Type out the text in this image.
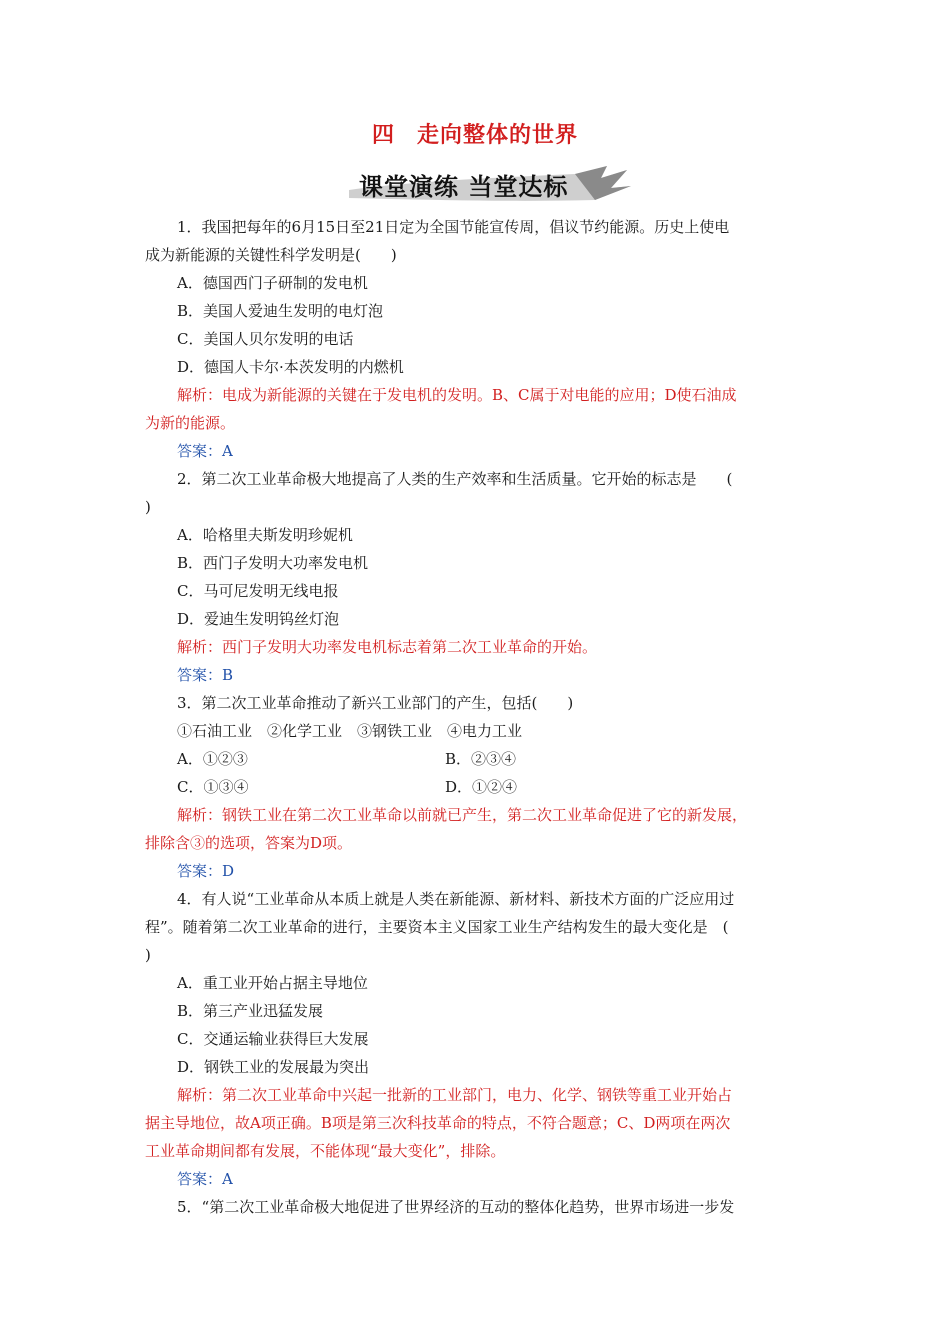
四 走向整体的世界
课堂演练 当堂达标
1．我国把每年的6月15日至21日定为全国节能宣传周，倡议节约能源。历史上使电
成为新能源的关键性科学发明是(　　)
A．德国西门子研制的发电机
B．美国人爱迪生发明的电灯泡
C．美国人贝尔发明的电话
D．德国人卡尔·本茨发明的内燃机
解析：电成为新能源的关键在于发电机的发明。B、C属于对电能的应用；D使石油成
为新的能源。
答案：A
2．第二次工业革命极大地提高了人类的生产效率和生活质量。它开始的标志是　　(
)
A．哈格里夫斯发明珍妮机
B．西门子发明大功率发电机
C．马可尼发明无线电报
D．爱迪生发明钨丝灯泡
解析：西门子发明大功率发电机标志着第二次工业革命的开始。
答案：B
3．第二次工业革命推动了新兴工业部门的产生，包括(　　)
①石油工业　②化学工业　③钢铁工业　④电力工业
A．①②③	B．②③④
C．①③④	D．①②④
解析：钢铁工业在第二次工业革命以前就已产生，第二次工业革命促进了它的新发展，
排除含③的选项，答案为D项。
答案：D
4．有人说“工业革命从本质上就是人类在新能源、新材料、新技术方面的广泛应用过
程”。随着第二次工业革命的进行，主要资本主义国家工业生产结构发生的最大变化是　(
)
A．重工业开始占据主导地位
B．第三产业迅猛发展
C．交通运输业获得巨大发展
D．钢铁工业的发展最为突出
解析：第二次工业革命中兴起一批新的工业部门，电力、化学、钢铁等重工业开始占
据主导地位，故A项正确。B项是第三次科技革命的特点，不符合题意；C、D两项在两次
工业革命期间都有发展，不能体现“最大变化”，排除。
答案：A
5．“第二次工业革命极大地促进了世界经济的互动的整体化趋势，世界市场进一步发
